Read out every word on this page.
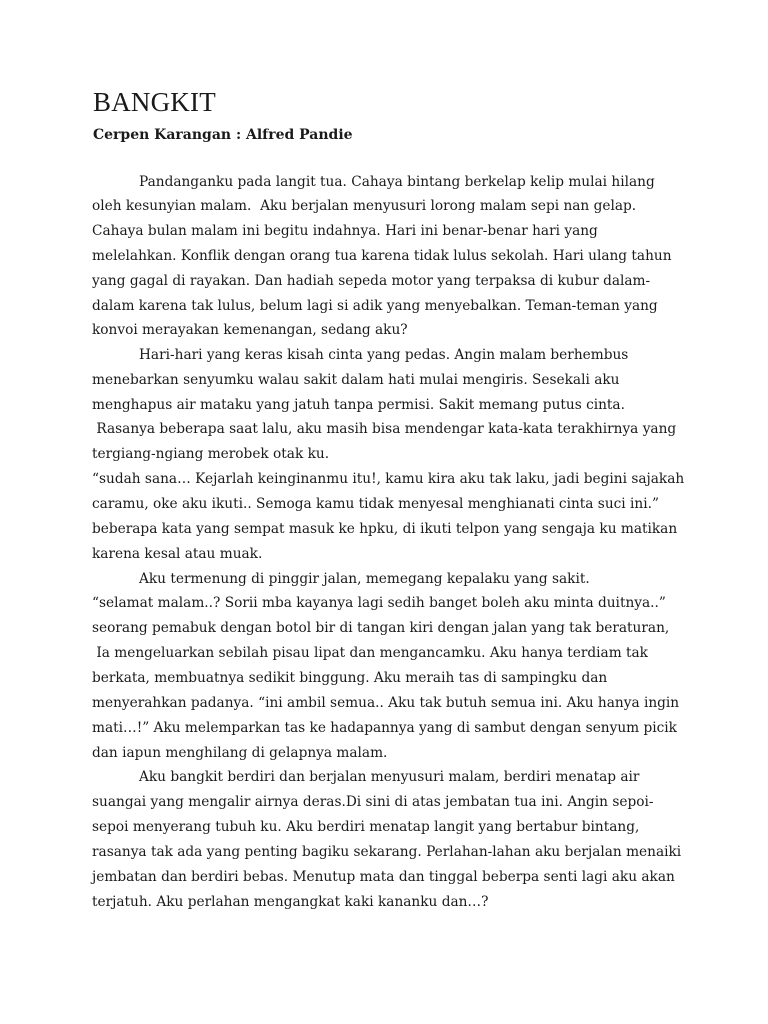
BANGKIT
Cerpen Karangan : Alfred Pandie
Pandanganku pada langit tua. Cahaya bintang berkelap kelip mulai hilang
oleh kesunyian malam.  Aku berjalan menyusuri lorong malam sepi nan gelap.
Cahaya bulan malam ini begitu indahnya. Hari ini benar-benar hari yang
melelahkan. Konflik dengan orang tua karena tidak lulus sekolah. Hari ulang tahun
yang gagal di rayakan. Dan hadiah sepeda motor yang terpaksa di kubur dalam-
dalam karena tak lulus, belum lagi si adik yang menyebalkan. Teman-teman yang
konvoi merayakan kemenangan, sedang aku?
Hari-hari yang keras kisah cinta yang pedas. Angin malam berhembus
menebarkan senyumku walau sakit dalam hati mulai mengiris. Sesekali aku
menghapus air mataku yang jatuh tanpa permisi. Sakit memang putus cinta.
Rasanya beberapa saat lalu, aku masih bisa mendengar kata-kata terakhirnya yang
tergiang-ngiang merobek otak ku.
“sudah sana… Kejarlah keinginanmu itu!, kamu kira aku tak laku, jadi begini sajakah
caramu, oke aku ikuti.. Semoga kamu tidak menyesal menghianati cinta suci ini.”
beberapa kata yang sempat masuk ke hpku, di ikuti telpon yang sengaja ku matikan
karena kesal atau muak.
Aku termenung di pinggir jalan, memegang kepalaku yang sakit.
“selamat malam..? Sorii mba kayanya lagi sedih banget boleh aku minta duitnya..”
seorang pemabuk dengan botol bir di tangan kiri dengan jalan yang tak beraturan,
Ia mengeluarkan sebilah pisau lipat dan mengancamku. Aku hanya terdiam tak
berkata, membuatnya sedikit binggung. Aku meraih tas di sampingku dan
menyerahkan padanya. “ini ambil semua.. Aku tak butuh semua ini. Aku hanya ingin
mati…!” Aku melemparkan tas ke hadapannya yang di sambut dengan senyum picik
dan iapun menghilang di gelapnya malam.
Aku bangkit berdiri dan berjalan menyusuri malam, berdiri menatap air
suangai yang mengalir airnya deras.Di sini di atas jembatan tua ini. Angin sepoi-
sepoi menyerang tubuh ku. Aku berdiri menatap langit yang bertabur bintang,
rasanya tak ada yang penting bagiku sekarang. Perlahan-lahan aku berjalan menaiki
jembatan dan berdiri bebas. Menutup mata dan tinggal beberpa senti lagi aku akan
terjatuh. Aku perlahan mengangkat kaki kananku dan…?
